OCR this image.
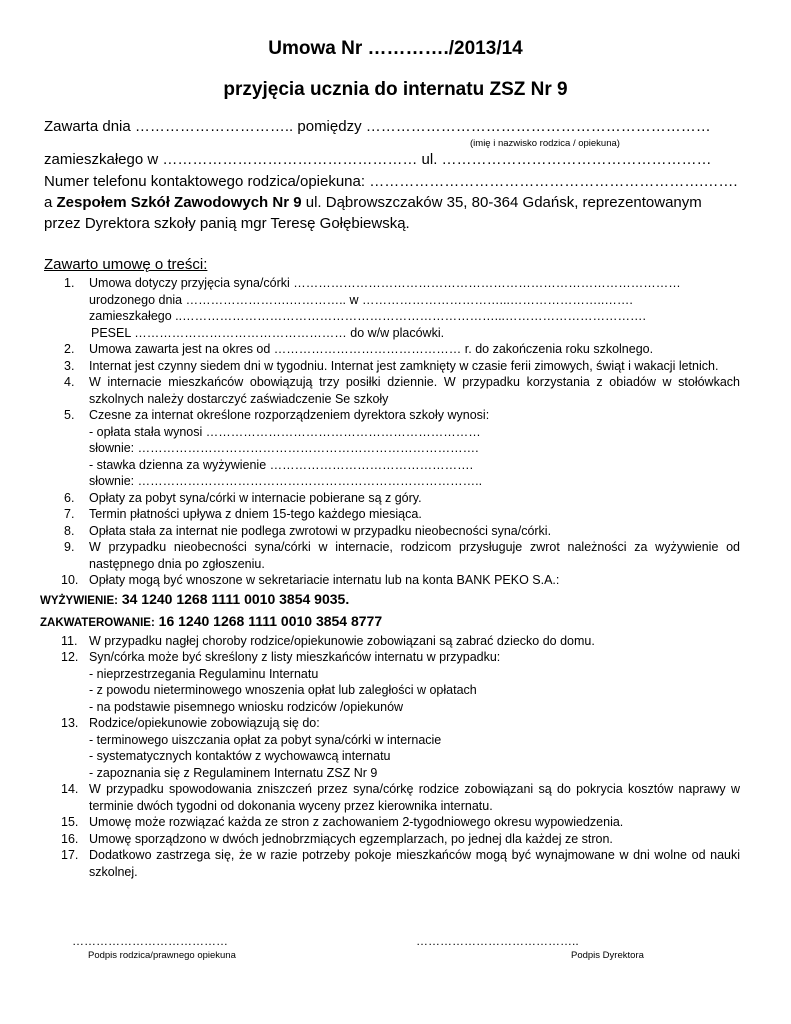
Umowa Nr …………./2013/14
przyjęcia ucznia do internatu ZSZ Nr 9
Zawarta dnia ………………………….. pomiędzy ……………………………………………………………
(imię i nazwisko rodzica / opiekuna)
zamieszkałego w …………………………………………… ul. ………………………………………………
Numer telefonu kontaktowego rodzica/opiekuna: ………………………………………………………….…….
a Zespołem Szkół Zawodowych Nr 9 ul. Dąbrowszczaków 35, 80-364 Gdańsk, reprezentowanym
przez Dyrektora szkoły panią mgr Teresę Gołębiewską.
Zawarto umowę o treści:
1. Umowa dotyczy przyjęcia syna/córki …………………………………………………………………………………
urodzonego dnia …………………….………….. w ……………………………...…………………..…….
zamieszkałego ..…………………………………………………………………...…………………………….
PESEL …………………………………………… do w/w placówki.
2. Umowa zawarta jest na okres od ……………………………………… r. do zakończenia roku szkolnego.
3. Internat jest czynny siedem dni w tygodniu. Internat jest zamknięty w czasie ferii zimowych, świąt i wakacji letnich.
4. W internacie mieszkańców obowiązują trzy posiłki dziennie. W przypadku korzystania z obiadów w stołówkach szkolnych należy dostarczyć zaświadczenie Se szkoły
5. Czesne za internat określone rozporządzeniem dyrektora szkoły wynosi:
- opłata stała wynosi …………………………………………………………
słownie: ……………………………………………………………………….
- stawka dzienna za wyżywienie ………………………………………….
słownie: ………………………………………………………………………..
6. Opłaty za pobyt syna/córki w internacie pobierane są z góry.
7. Termin płatności upływa z dniem 15-tego każdego miesiąca.
8. Opłata stała za internat nie podlega zwrotowi w przypadku nieobecności syna/córki.
9. W przypadku nieobecności syna/córki w internacie, rodzicom przysługuje zwrot należności za wyżywienie od następnego dnia po zgłoszeniu.
10. Opłaty mogą być wnoszone w sekretariacie internatu lub na konta BANK PEKO S.A.:
WYŻYWIENIE: 34 1240 1268 1111 0010 3854 9035.
ZAKWATEROWANIE: 16 1240 1268 1111 0010 3854 8777
11. W przypadku nagłej choroby rodzice/opiekunowie zobowiązani są zabrać dziecko do domu.
12. Syn/córka może być skreślony z listy mieszkańców internatu w przypadku:
- nieprzestrzegania Regulaminu Internatu
- z powodu nieterminowego wnoszenia opłat lub zaległości w opłatach
- na podstawie pisemnego wniosku rodziców /opiekunów
13. Rodzice/opiekunowie zobowiązują się do:
- terminowego uiszczania opłat za pobyt syna/córki w internacie
- systematycznych kontaktów z wychowawcą internatu
- zapoznania się z Regulaminem Internatu ZSZ Nr 9
14. W przypadku spowodowania zniszczeń przez syna/córkę rodzice zobowiązani są do pokrycia kosztów naprawy w terminie dwóch tygodni od dokonania wyceny przez kierownika internatu.
15. Umowę może rozwiązać każda ze stron z zachowaniem 2-tygodniowego okresu wypowiedzenia.
16. Umowę sporządzono w dwóch jednobrzmiących egzemplarzach, po jednej dla każdej ze stron.
17. Dodatkowo zastrzega się, że w razie potrzeby pokoje mieszkańców mogą być wynajmowane w dni wolne od nauki szkolnej.
…………………………………
Podpis rodzica/prawnego opiekuna
…………………………………..
Podpis Dyrektora
